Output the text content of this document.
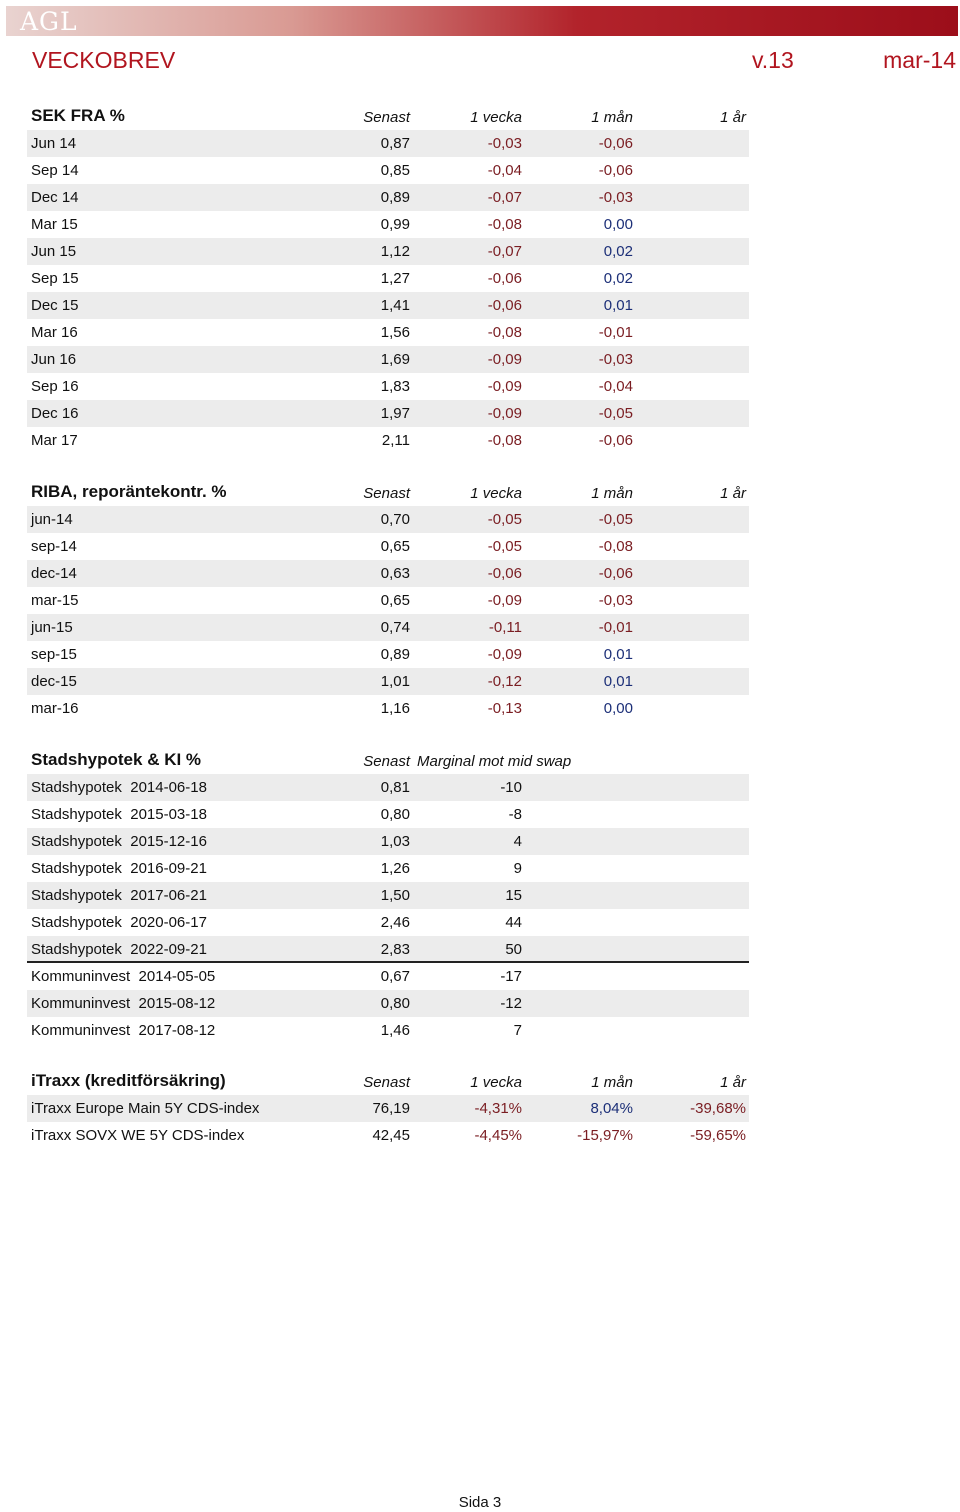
AGL
VECKOBREV	v.13	mar-14
SEK FRA %	Senast	1 vecka	1 mån	1 år
Jun 14	0,87	-0,03	-0,06
Sep 14	0,85	-0,04	-0,06
Dec 14	0,89	-0,07	-0,03
Mar 15	0,99	-0,08	0,00
Jun 15	1,12	-0,07	0,02
Sep 15	1,27	-0,06	0,02
Dec 15	1,41	-0,06	0,01
Mar 16	1,56	-0,08	-0,01
Jun 16	1,69	-0,09	-0,03
Sep 16	1,83	-0,09	-0,04
Dec 16	1,97	-0,09	-0,05
Mar 17	2,11	-0,08	-0,06
RIBA, reporäntekontr. %	Senast	1 vecka	1 mån	1 år
jun-14	0,70	-0,05	-0,05
sep-14	0,65	-0,05	-0,08
dec-14	0,63	-0,06	-0,06
mar-15	0,65	-0,09	-0,03
jun-15	0,74	-0,11	-0,01
sep-15	0,89	-0,09	0,01
dec-15	1,01	-0,12	0,01
mar-16	1,16	-0,13	0,00
Stadshypotek & KI %	Senast Marginal mot mid swap
Stadshypotek  2014-06-18	0,81	-10
Stadshypotek  2015-03-18	0,80	-8
Stadshypotek  2015-12-16	1,03	4
Stadshypotek  2016-09-21	1,26	9
Stadshypotek  2017-06-21	1,50	15
Stadshypotek  2020-06-17	2,46	44
Stadshypotek  2022-09-21	2,83	50
Kommuninvest  2014-05-05	0,67	-17
Kommuninvest  2015-08-12	0,80	-12
Kommuninvest  2017-08-12	1,46	7
iTraxx (kreditförsäkring)	Senast	1 vecka	1 mån	1 år
iTraxx Europe Main 5Y CDS-index	76,19	-4,31%	8,04%	-39,68%
iTraxx SOVX WE 5Y CDS-index	42,45	-4,45%	-15,97%	-59,65%
Sida 3
